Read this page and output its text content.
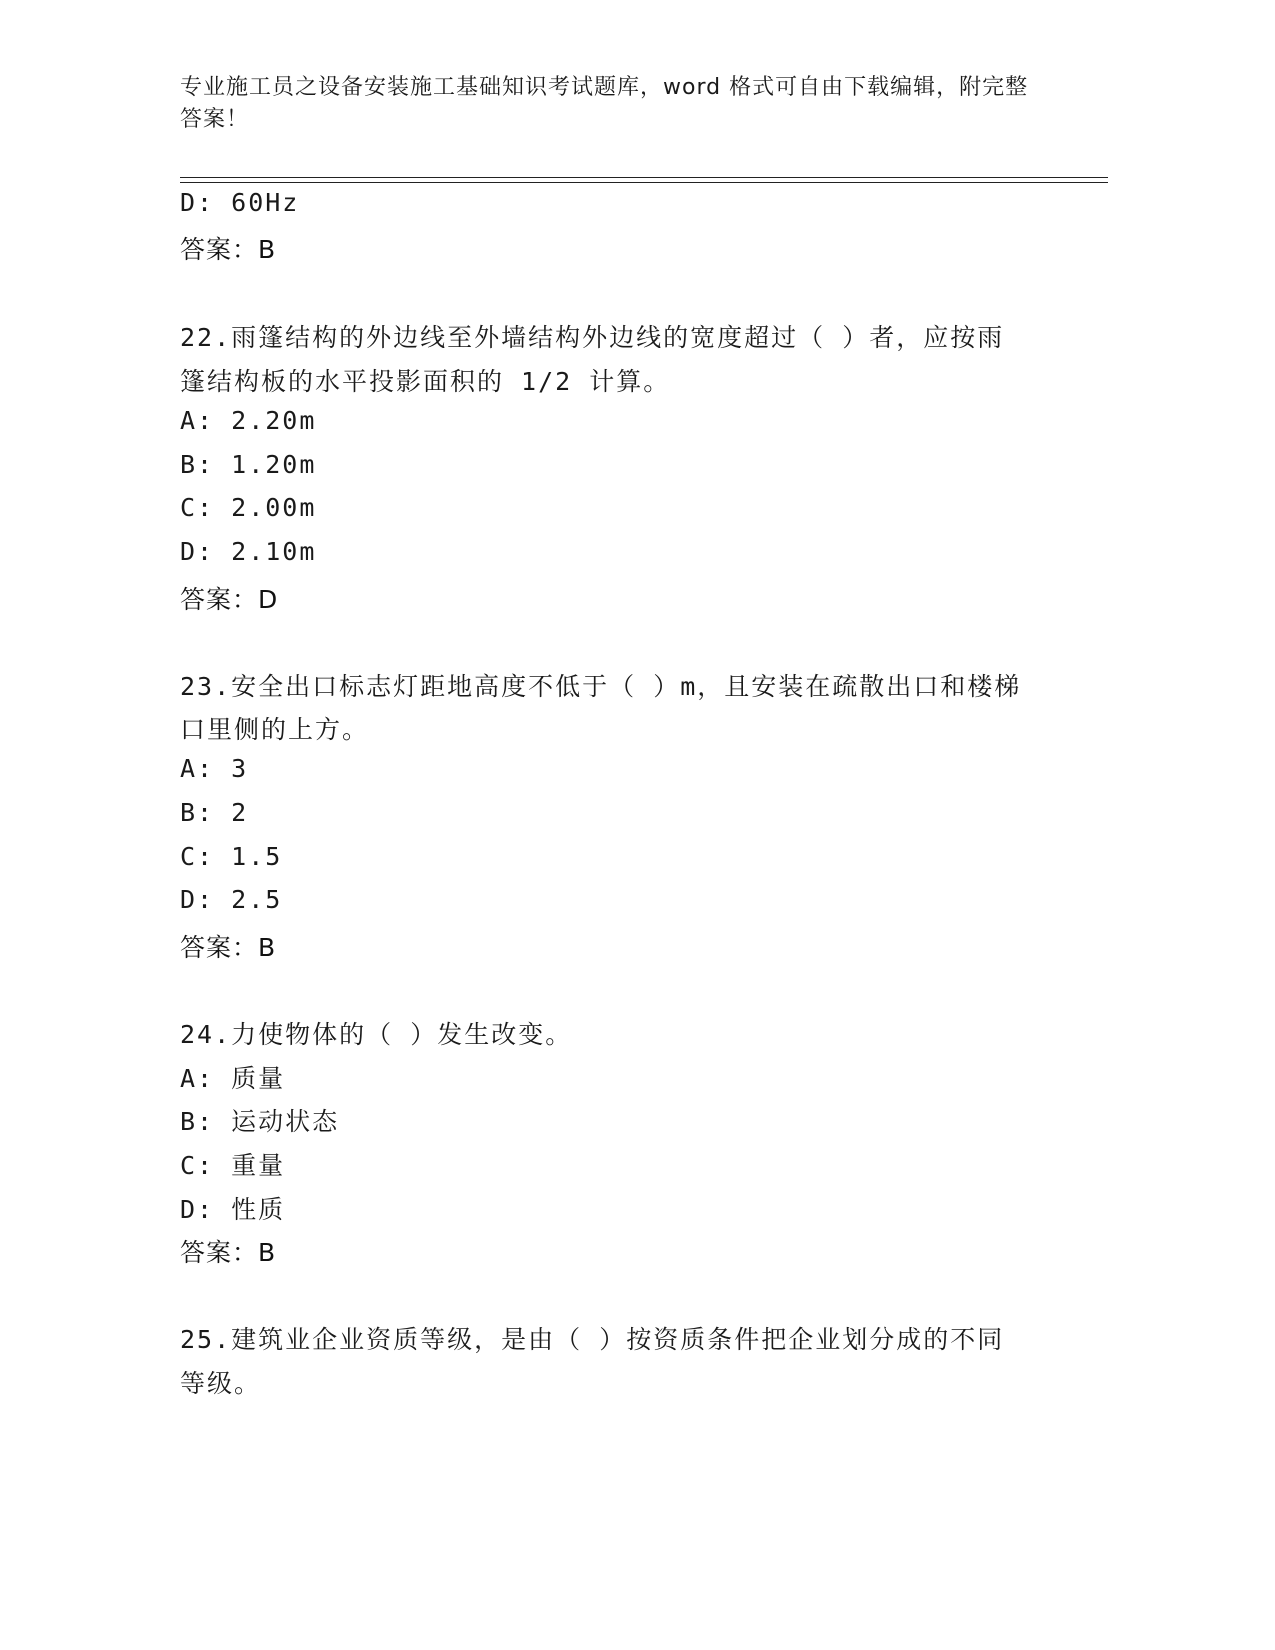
专业施工员之设备安装施工基础知识考试题库，word 格式可自由下载编辑，附完整答案！
D: 60Hz
答案：B
22.雨篷结构的外边线至外墙结构外边线的宽度超过（ ）者，应按雨
篷结构板的水平投影面积的 1/2 计算。
A: 2.20m
B: 1.20m
C: 2.00m
D: 2.10m
答案：D
23.安全出口标志灯距地高度不低于（ ）m，且安装在疏散出口和楼梯
口里侧的上方。
A: 3
B: 2
C: 1.5
D: 2.5
答案：B
24.力使物体的（ ）发生改变。
A: 质量
B: 运动状态
C: 重量
D: 性质
答案：B
25.建筑业企业资质等级，是由（ ）按资质条件把企业划分成的不同
等级。
